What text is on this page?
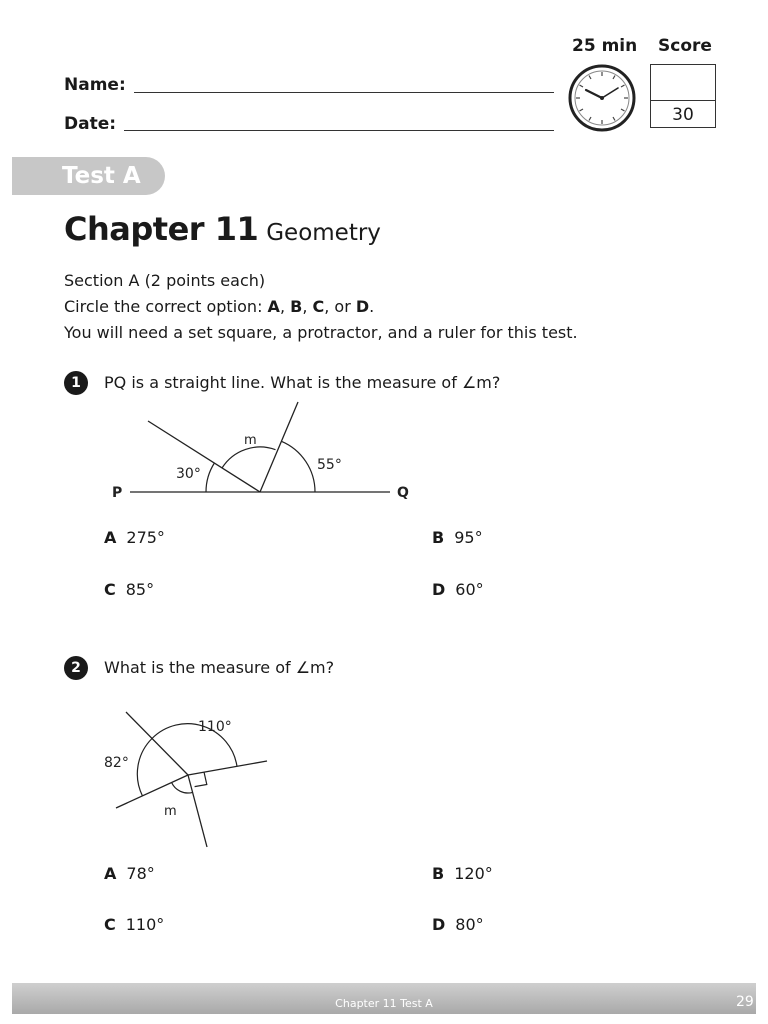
25 min Score
30
Name:
Date:
Test A
Chapter 11 Geometry
Section A (2 points each)
Circle the correct option: A, B, C, or D.
You will need a set square, a protractor, and a ruler for this test.
1	PQ is a straight line. What is the measure of ∠m?
P	Q
30°
m
55°
A 275°	B 95°
C 85°	D 60°
2	What is the measure of ∠m?
110°
82°
m
A 78°	B 120°
C 110°	D 80°
Chapter 11 Test A	29
